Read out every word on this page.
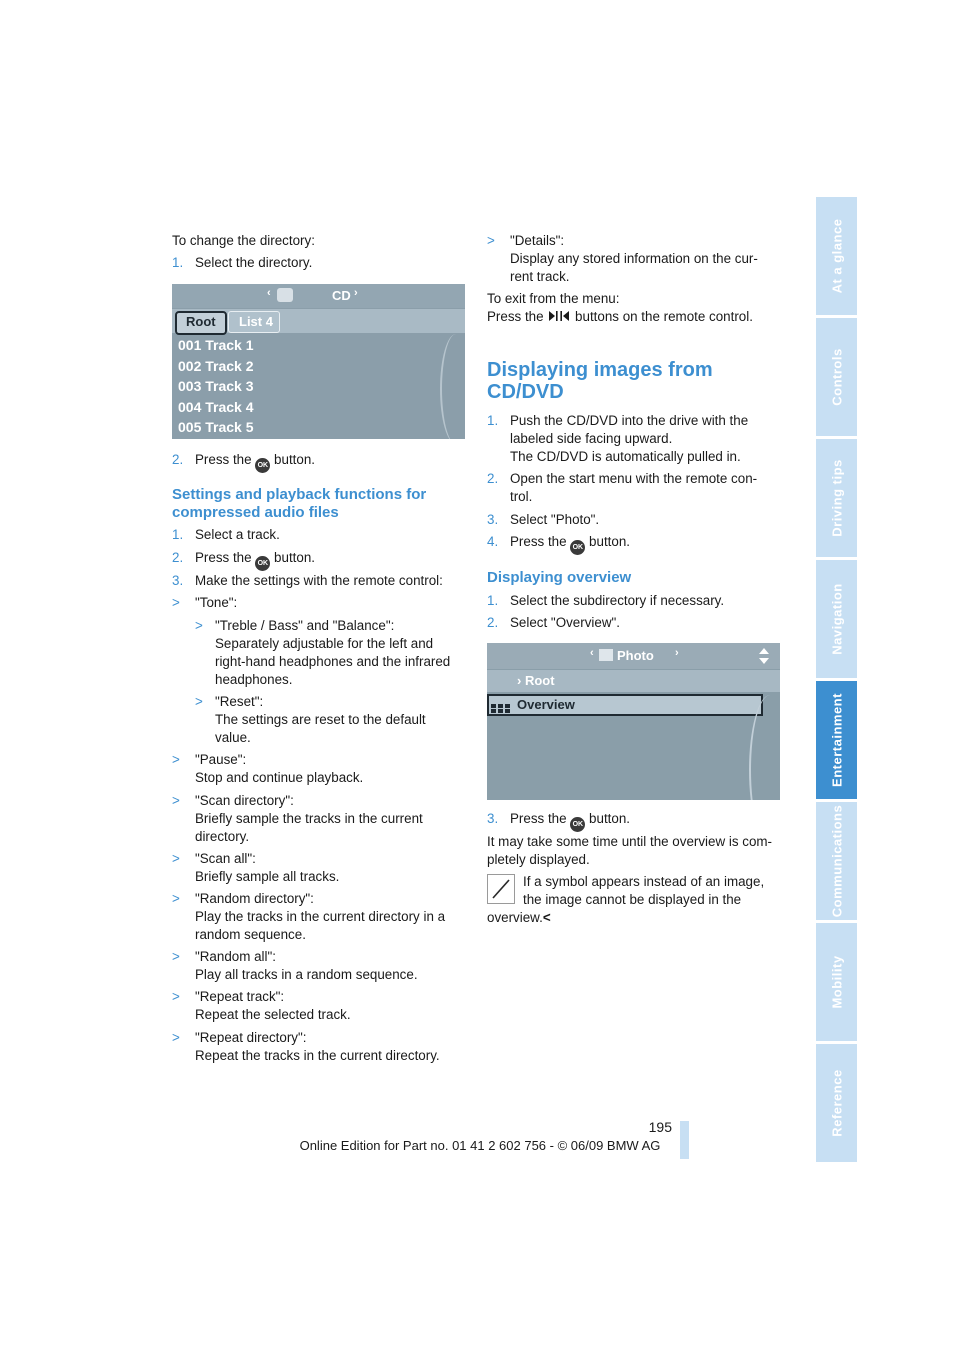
To change the directory:
1. Select the directory.
‹	CD ›
Root List 4
001 Track 1
002 Track 2
003 Track 3
004 Track 4
005 Track 5
2. Press the OK button.
Settings and playback functions for
compressed audio files
1. Select a track.
2. Press the OK button.
3. Make the settings with the remote control:
> "Tone":
> "Treble / Bass" and "Balance":
Separately adjustable for the left and
right-hand headphones and the infrared
headphones.
> "Reset":
The settings are reset to the default
value.
> "Pause":
Stop and continue playback.
> "Scan directory":
Briefly sample the tracks in the current
directory.
> "Scan all":
Briefly sample all tracks.
> "Random directory":
Play the tracks in the current directory in a
random sequence.
> "Random all":
Play all tracks in a random sequence.
> "Repeat track":
Repeat the selected track.
> "Repeat directory":
Repeat the tracks in the current directory.
> "Details":
Display any stored information on the cur-
rent track.
To exit from the menu:
Press the buttons on the remote control.
Displaying images from
CD/DVD
1. Push the CD/DVD into the drive with the
labeled side facing upward.
The CD/DVD is automatically pulled in.
2. Open the start menu with the remote con-
trol.
3. Select "Photo".
4. Press the OK button.
Displaying overview
1. Select the subdirectory if necessary.
2. Select "Overview".
‹ Photo ›
› Root
Overview
3. Press the OK button.
It may take some time until the overview is com-
pletely displayed.
If a symbol appears instead of an image,
the image cannot be displayed in the
overview.<
At a glance
Controls
Driving tips
Navigation
Entertainment
Communications
Mobility
Reference
195
Online Edition for Part no. 01 41 2 602 756 - © 06/09 BMW AG
